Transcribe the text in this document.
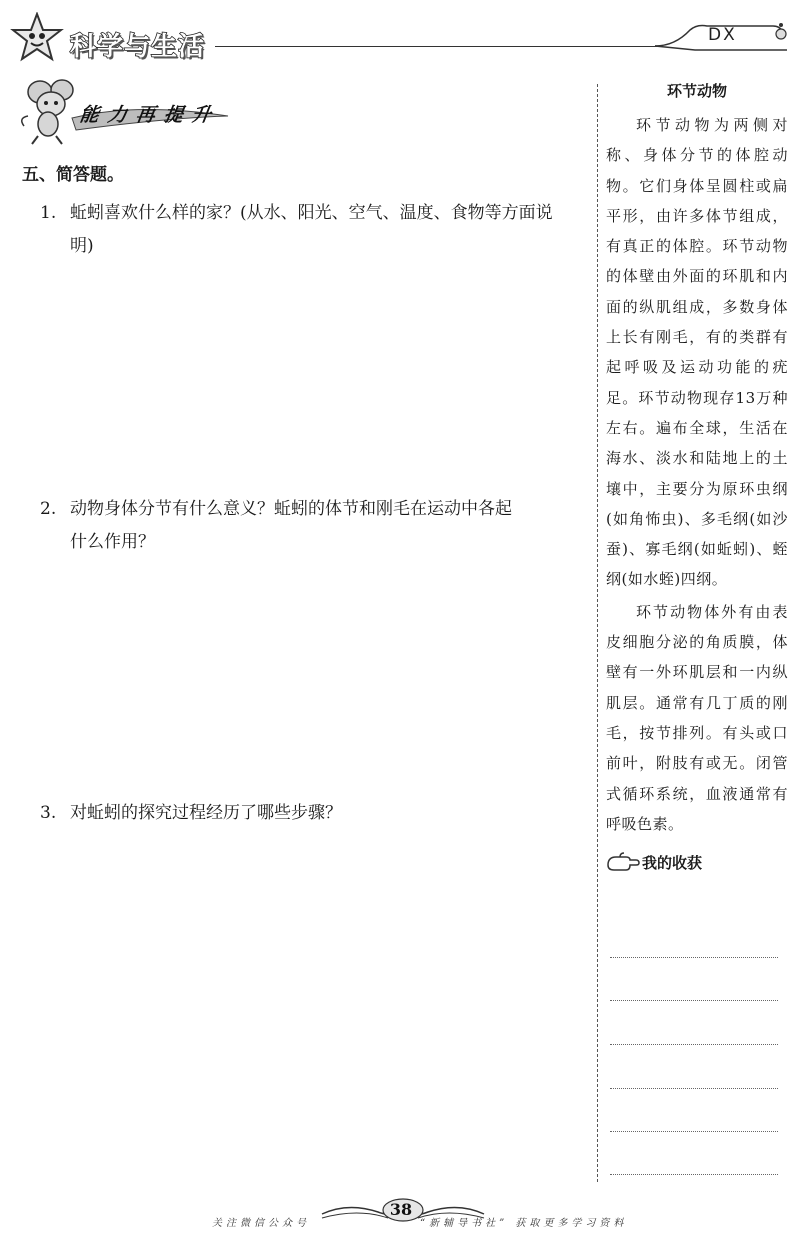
科学与生活	DX
能力再提升
五、简答题。
1. 蚯蚓喜欢什么样的家？(从水、阳光、空气、温度、食物等方面说
明)
2. 动物身体分节有什么意义？蚯蚓的体节和刚毛在运动中各起
什么作用？
3. 对蚯蚓的探究过程经历了哪些步骤？
环节动物

环节动物为两侧对称、身体分节的体腔动物。它们身体呈圆柱或扁平形，由许多体节组成，有真正的体腔。环节动物的体壁由外面的环肌和内面的纵肌组成，多数身体上长有刚毛，有的类群有起呼吸及运动功能的疣足。环节动物现存13万种左右。遍布全球，生活在海水、淡水和陆地上的土壤中，主要分为原环虫纲(如角怖虫)、多毛纲(如沙蚕)、寡毛纲(如蚯蚓)、蛭纲(如水蛭)四纲。

环节动物体外有由表皮细胞分泌的角质膜，体壁有一外环肌层和一内纵肌层。通常有几丁质的刚毛，按节排列。有头或口前叶，附肢有或无。闭管式循环系统，血液通常有呼吸色素。

我的收获
关注微信公众号
38
“新辅导书社” 获取更多学习资料
